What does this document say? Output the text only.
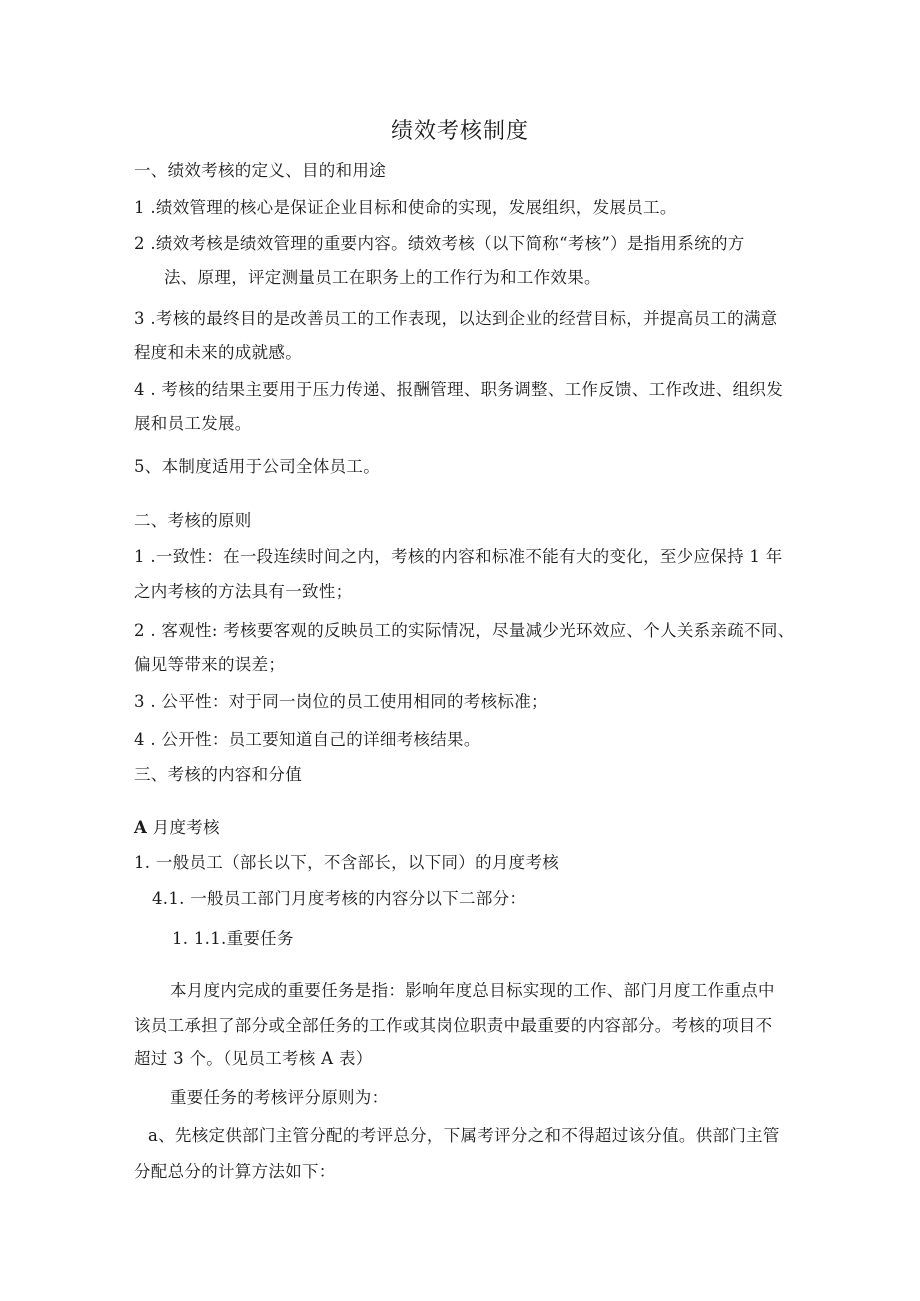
绩效考核制度
一、绩效考核的定义、目的和用途
1 .绩效管理的核心是保证企业目标和使命的实现，发展组织，发展员工。
2 .绩效考核是绩效管理的重要内容。绩效考核（以下简称“考核”）是指用系统的方
法、原理，评定测量员工在职务上的工作行为和工作效果。
3 .考核的最终目的是改善员工的工作表现，以达到企业的经营目标，并提高员工的满意
程度和未来的成就感。
4 . 考核的结果主要用于压力传递、报酬管理、职务调整、工作反馈、工作改进、组织发
展和员工发展。
5、本制度适用于公司全体员工。
二、考核的原则
1 .一致性：在一段连续时间之内，考核的内容和标准不能有大的变化，至少应保持 1 年
之内考核的方法具有一致性；
2 . 客观性: 考核要客观的反映员工的实际情况，尽量减少光环效应、个人关系亲疏不同、
偏见等带来的误差；
3 . 公平性：对于同一岗位的员工使用相同的考核标准；
4 . 公开性：员工要知道自己的详细考核结果。
三、考核的内容和分值
A 月度考核
1. 一般员工（部长以下，不含部长，以下同）的月度考核
4.1. 一般员工部门月度考核的内容分以下二部分：
1. 1.1.重要任务
本月度内完成的重要任务是指：影响年度总目标实现的工作、部门月度工作重点中
该员工承担了部分或全部任务的工作或其岗位职责中最重要的内容部分。考核的项目不
超过 3 个。（见员工考核 A 表）
重要任务的考核评分原则为：
a、先核定供部门主管分配的考评总分，下属考评分之和不得超过该分值。供部门主管
分配总分的计算方法如下：
